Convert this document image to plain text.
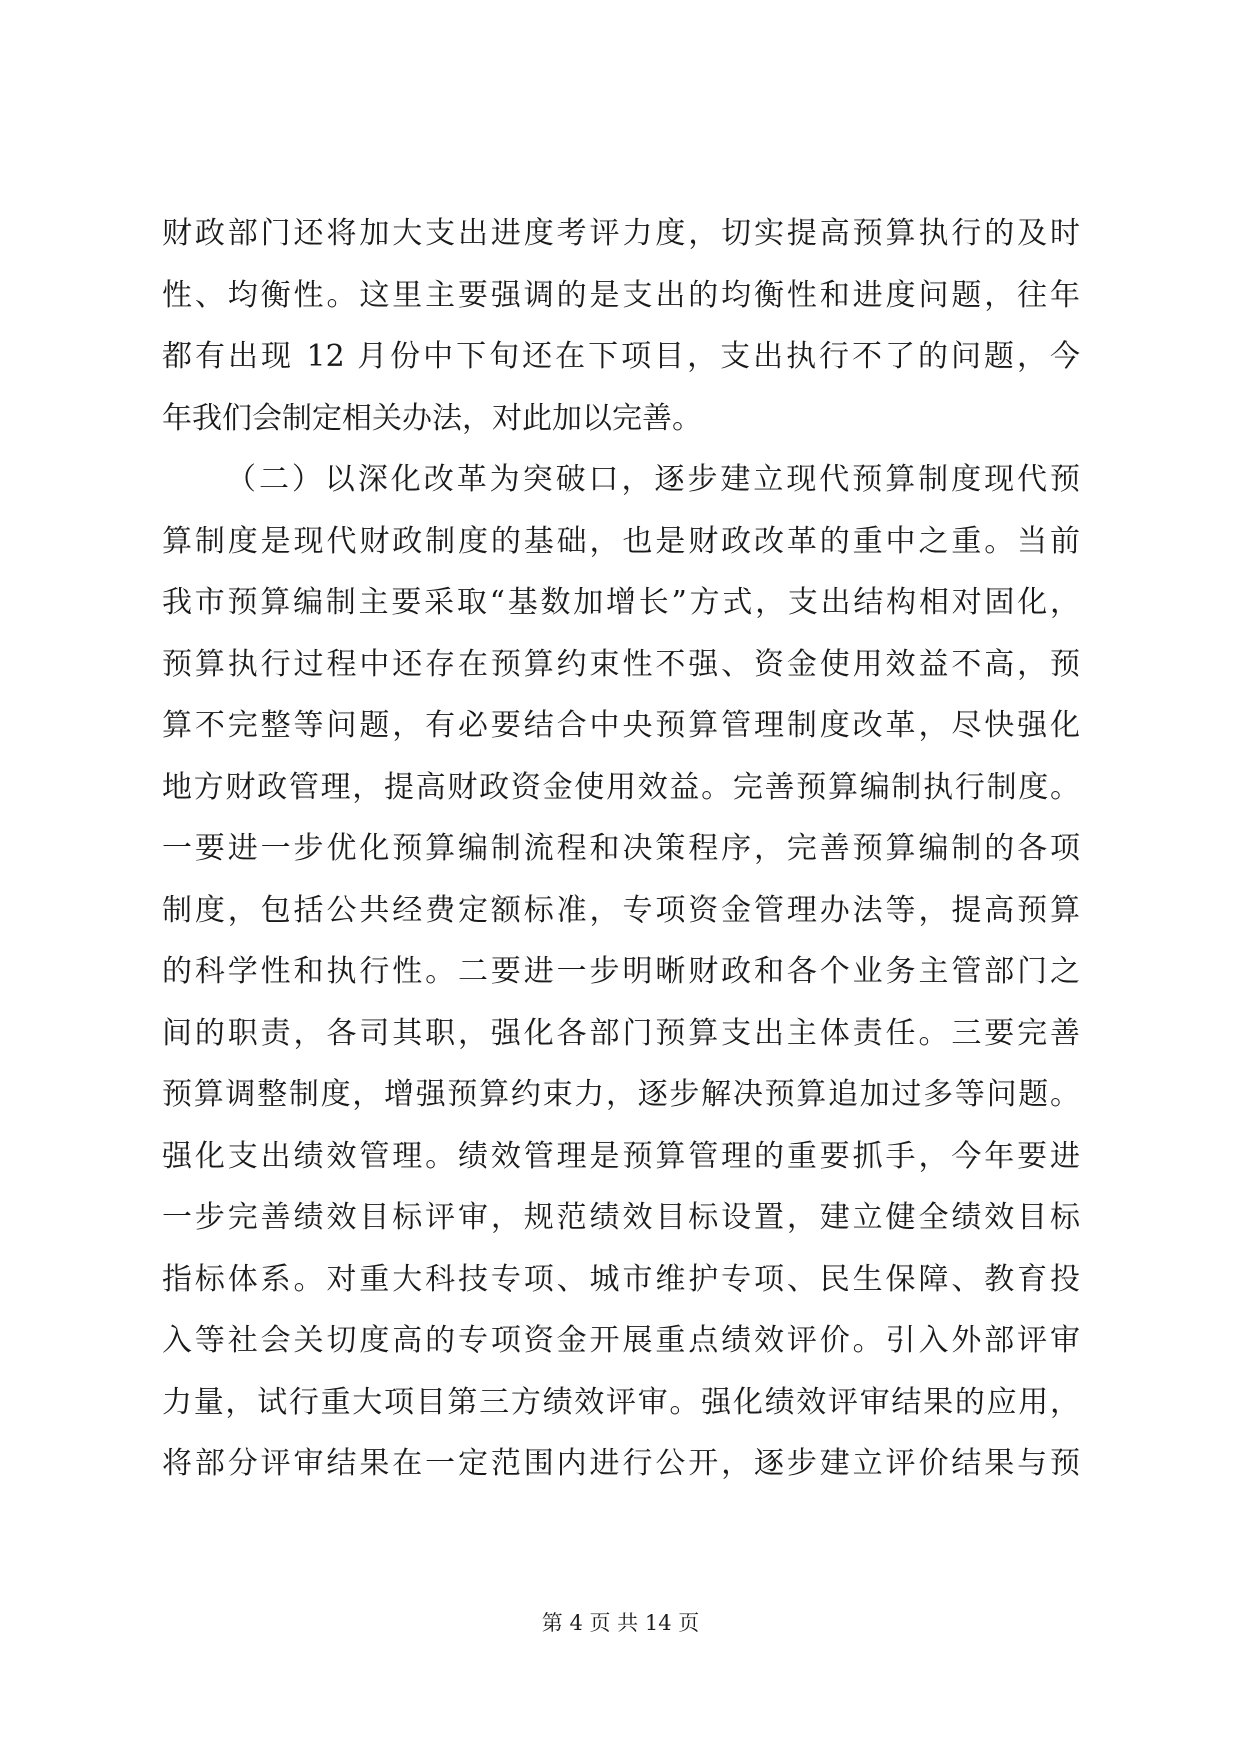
财政部门还将加大支出进度考评力度，切实提高预算执行的及时
性、均衡性。这里主要强调的是支出的均衡性和进度问题，往年
都有出现 12 月份中下旬还在下项目，支出执行不了的问题，今
年我们会制定相关办法，对此加以完善。
（二）以深化改革为突破口，逐步建立现代预算制度现代预
算制度是现代财政制度的基础，也是财政改革的重中之重。当前
我市预算编制主要采取“基数加增长”方式，支出结构相对固化，
预算执行过程中还存在预算约束性不强、资金使用效益不高，预
算不完整等问题，有必要结合中央预算管理制度改革，尽快强化
地方财政管理，提高财政资金使用效益。完善预算编制执行制度。
一要进一步优化预算编制流程和决策程序，完善预算编制的各项
制度，包括公共经费定额标准，专项资金管理办法等，提高预算
的科学性和执行性。二要进一步明晰财政和各个业务主管部门之
间的职责，各司其职，强化各部门预算支出主体责任。三要完善
预算调整制度，增强预算约束力，逐步解决预算追加过多等问题。
强化支出绩效管理。绩效管理是预算管理的重要抓手，今年要进
一步完善绩效目标评审，规范绩效目标设置，建立健全绩效目标
指标体系。对重大科技专项、城市维护专项、民生保障、教育投
入等社会关切度高的专项资金开展重点绩效评价。引入外部评审
力量，试行重大项目第三方绩效评审。强化绩效评审结果的应用，
将部分评审结果在一定范围内进行公开，逐步建立评价结果与预
第 4 页 共 14 页
